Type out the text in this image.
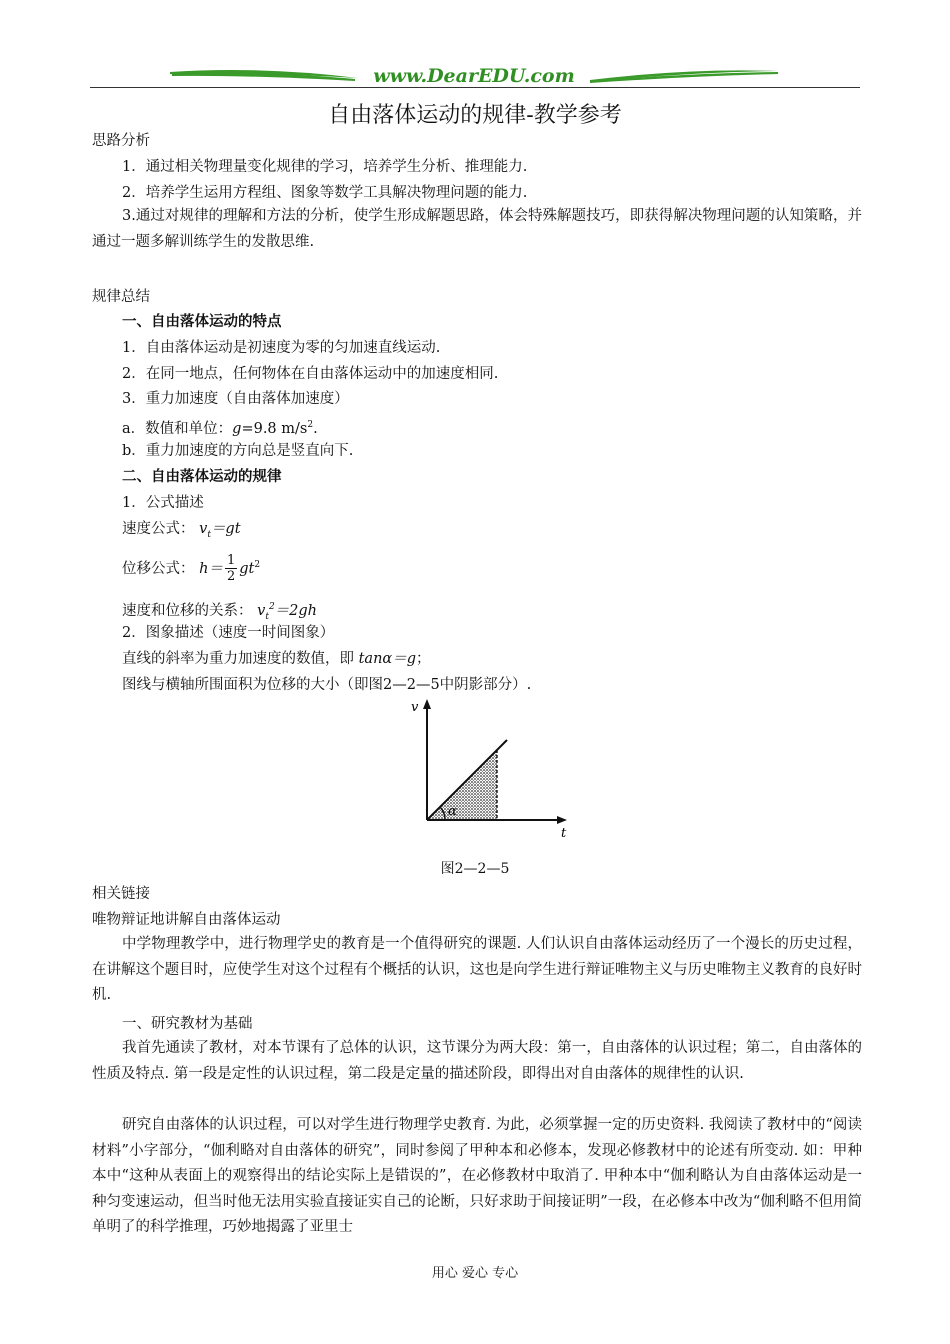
www.DearEDU.com
自由落体运动的规律-教学参考
思路分析
1．通过相关物理量变化规律的学习，培养学生分析、推理能力.
2．培养学生运用方程组、图象等数学工具解决物理问题的能力.
3.通过对规律的理解和方法的分析，使学生形成解题思路，体会特殊解题技巧，即获得解决物理问题的认知策略，并通过一题多解训练学生的发散思维.
规律总结
一、自由落体运动的特点
1．自由落体运动是初速度为零的匀加速直线运动.
2．在同一地点，任何物体在自由落体运动中的加速度相同.
3．重力加速度（自由落体加速度）
a．数值和单位：g=9.8 $m/s^2$.
b．重力加速度的方向总是竖直向下.
二、自由落体运动的规律
1．公式描述
速度公式： $v_t=gt$
位移公式： $h= \frac{1}{2} gt^2$
速度和位移的关系： $v_t^2=2gh$
2．图象描述（速度一时间图象）
直线的斜率为重力加速度的数值，即 tanα＝g；
图线与横轴所围面积为位移的大小（即图2—2—5中阴影部分）.
v
t
α
图2—2—5
相关链接
唯物辩证地讲解自由落体运动
中学物理教学中，进行物理学史的教育是一个值得研究的课题. 人们认识自由落体运动经历了一个漫长的历史过程，在讲解这个题目时，应使学生对这个过程有个概括的认识，这也是向学生进行辩证唯物主义与历史唯物主义教育的良好时机.
一、研究教材为基础
我首先通读了教材，对本节课有了总体的认识，这节课分为两大段：第一，自由落体的认识过程；第二，自由落体的性质及特点. 第一段是定性的认识过程，第二段是定量的描述阶段，即得出对自由落体的规律性的认识.
研究自由落体的认识过程，可以对学生进行物理学史教育. 为此，必须掌握一定的历史资料. 我阅读了教材中的“阅读材料”小字部分，“伽利略对自由落体的研究”，同时参阅了甲种本和必修本，发现必修教材中的论述有所变动. 如：甲种本中“这种从表面上的观察得出的结论实际上是错误的”，在必修教材中取消了. 甲种本中“伽利略认为自由落体运动是一种匀变速运动，但当时他无法用实验直接证实自己的论断，只好求助于间接证明”一段，在必修本中改为“伽利略不但用简单明了的科学推理，巧妙地揭露了亚里士
用心 爱心 专心
